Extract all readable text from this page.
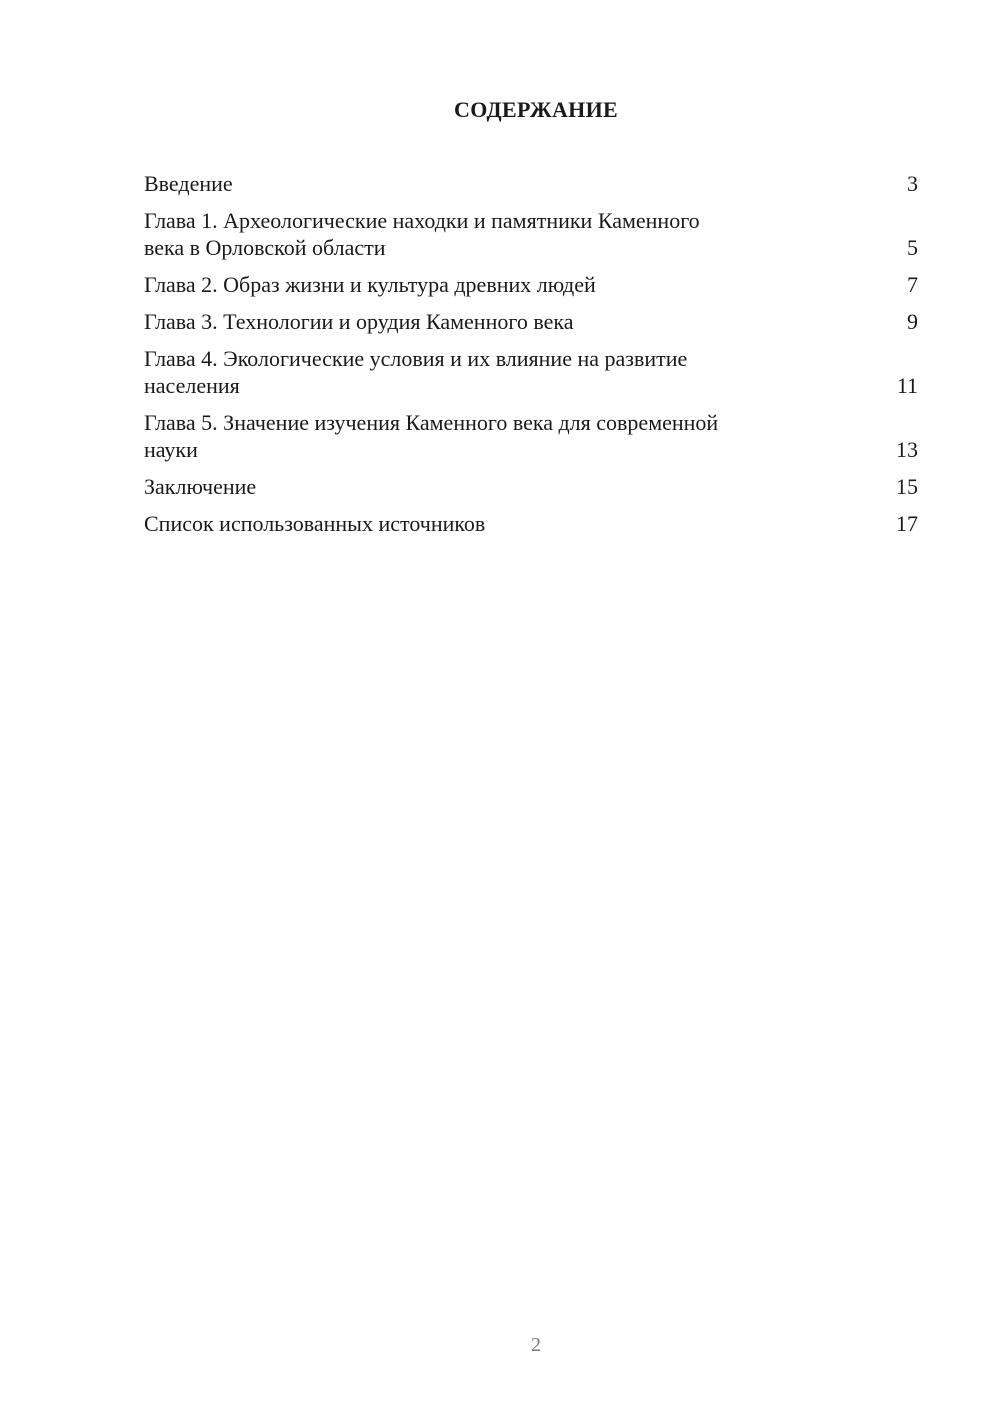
СОДЕРЖАНИЕ
Введение	3
Глава 1. Археологические находки и памятники Каменного
века в Орловской области	5
Глава 2. Образ жизни и культура древних людей	7
Глава 3. Технологии и орудия Каменного века	9
Глава 4. Экологические условия и их влияние на развитие
населения	11
Глава 5. Значение изучения Каменного века для современной
науки	13
Заключение	15
Список использованных источников	17
2
